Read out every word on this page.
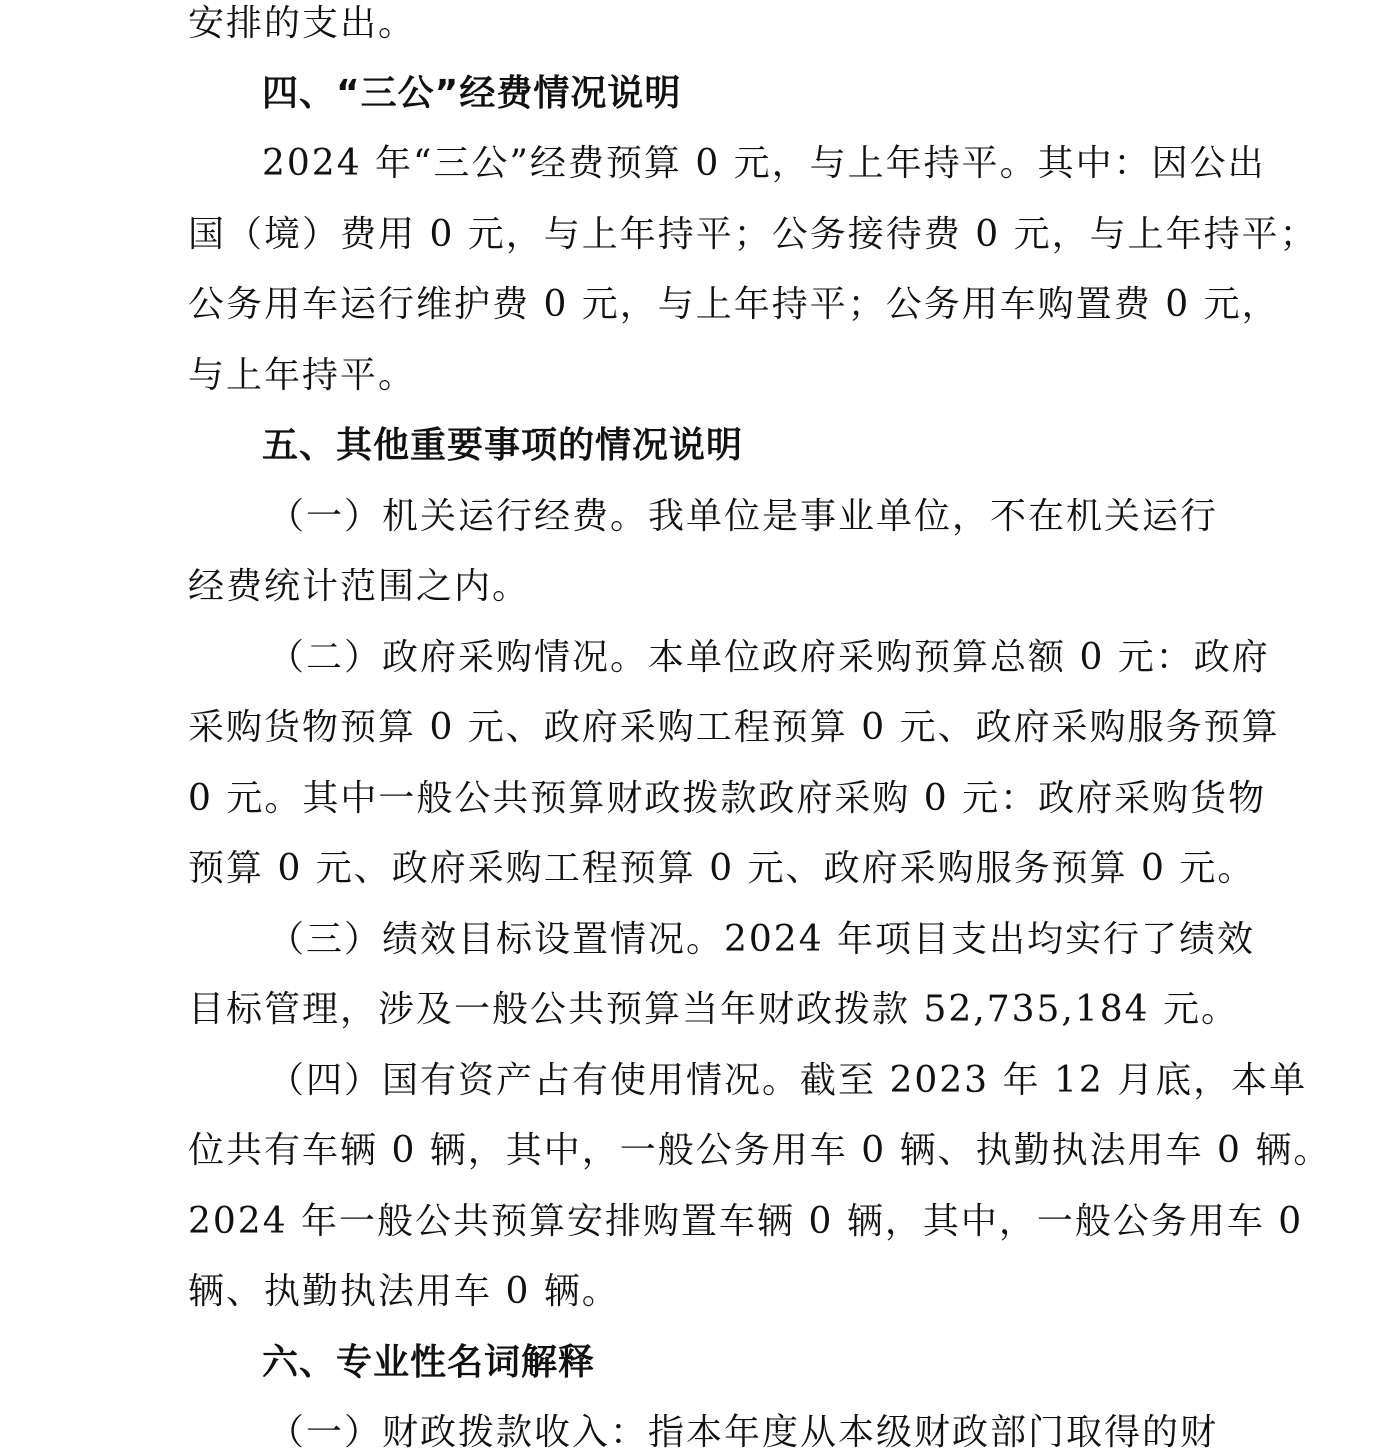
安排的支出。
四、“三公”经费情况说明
2024 年“三公”经费预算 0 元，与上年持平。其中：因公出
国（境）费用 0 元，与上年持平；公务接待费 0 元，与上年持平；
公务用车运行维护费 0 元，与上年持平；公务用车购置费 0 元，
与上年持平。
五、其他重要事项的情况说明
（一）机关运行经费。我单位是事业单位，不在机关运行
经费统计范围之内。
（二）政府采购情况。本单位政府采购预算总额 0 元：政府
采购货物预算 0 元、政府采购工程预算 0 元、政府采购服务预算
0 元。其中一般公共预算财政拨款政府采购 0 元：政府采购货物
预算 0 元、政府采购工程预算 0 元、政府采购服务预算 0 元。
（三）绩效目标设置情况。2024 年项目支出均实行了绩效
目标管理，涉及一般公共预算当年财政拨款 52,735,184 元。
（四）国有资产占有使用情况。截至 2023 年 12 月底，本单
位共有车辆 0 辆，其中，一般公务用车 0 辆、执勤执法用车 0 辆。
2024 年一般公共预算安排购置车辆 0 辆，其中，一般公务用车 0
辆、执勤执法用车 0 辆。
六、专业性名词解释
（一）财政拨款收入：指本年度从本级财政部门取得的财
